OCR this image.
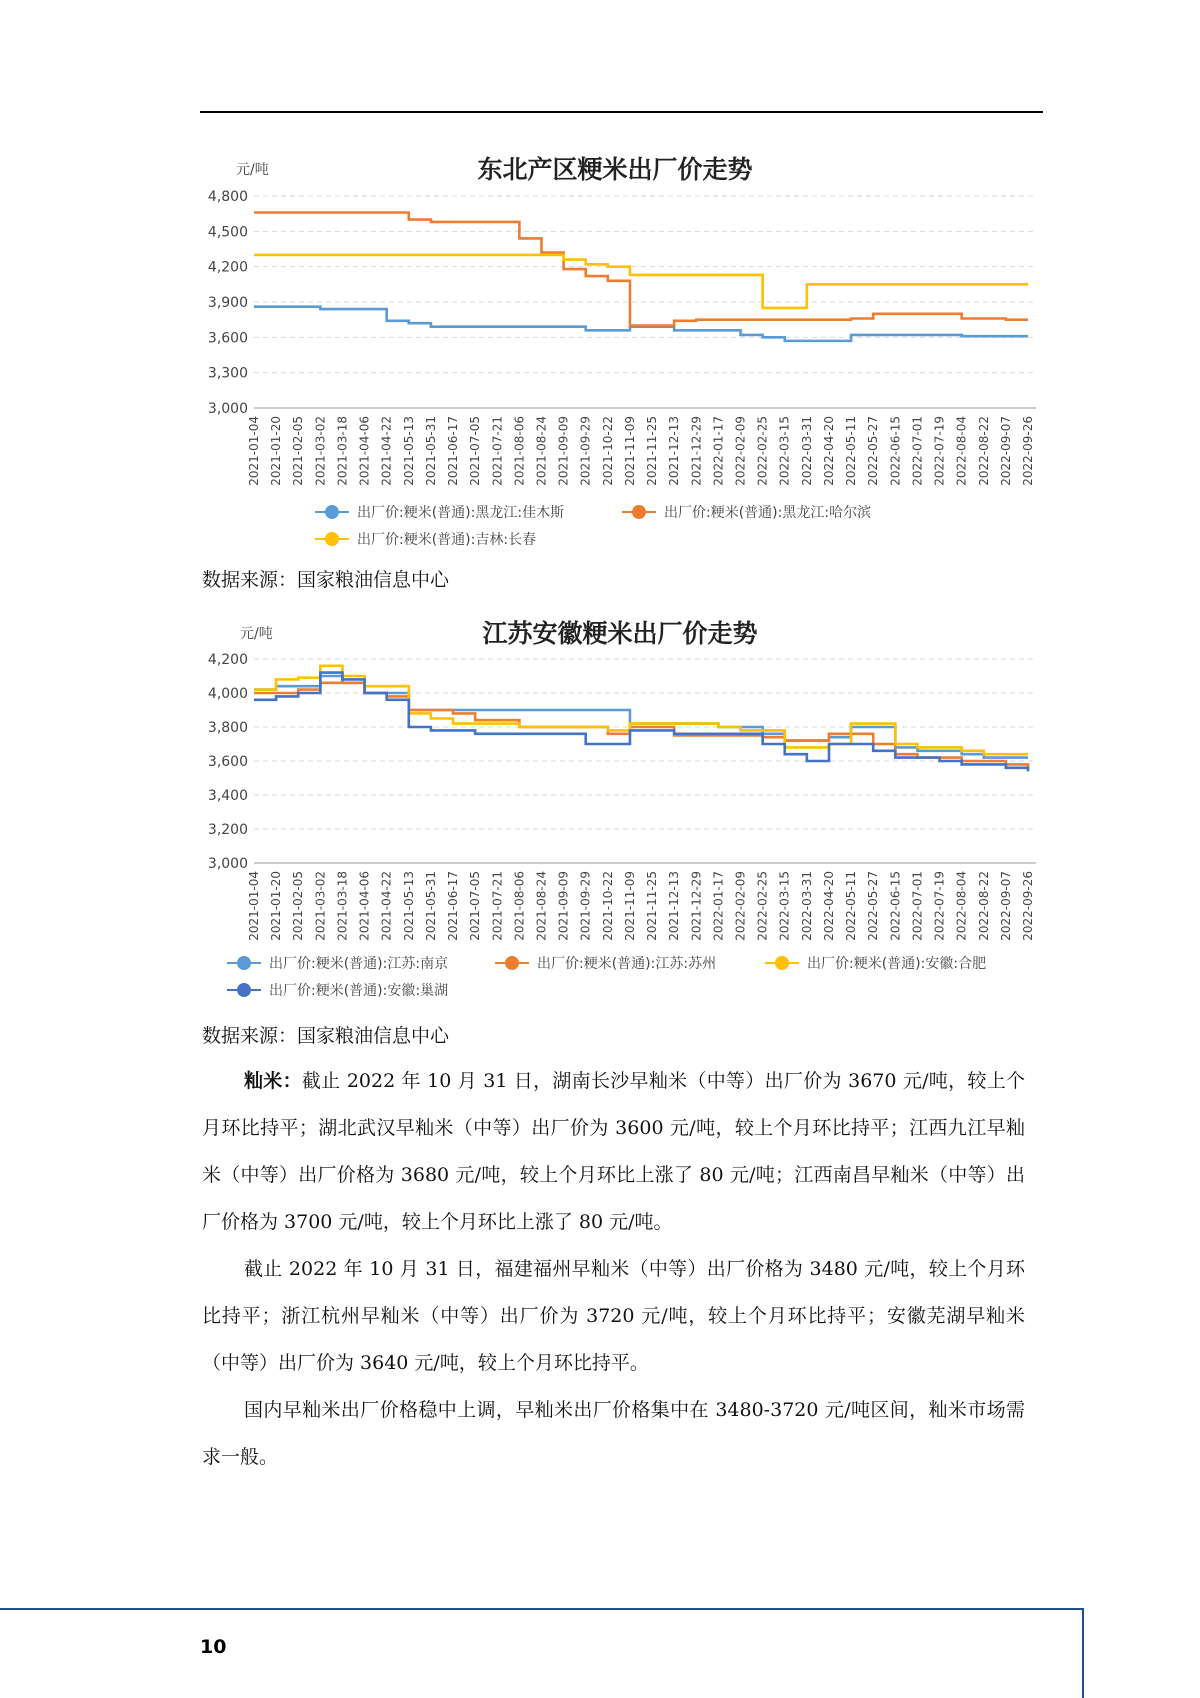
东北产区粳米出厂价走势
元/吨
3,000
3,300
3,600
3,900
4,200
4,500
4,800
2021-01-04 2021-01-20 2021-02-05 2021-03-02 2021-03-18 2021-04-06 2021-04-22 2021-05-13 2021-05-31 2021-06-17 2021-07-05 2021-07-21 2021-08-06 2021-08-24 2021-09-09 2021-09-29 2021-10-22 2021-11-09 2021-11-25 2021-12-13 2021-12-29 2022-01-17 2022-02-09 2022-02-25 2022-03-15 2022-03-31 2022-04-20 2022-05-11 2022-05-27 2022-06-15 2022-07-01 2022-07-19 2022-08-04 2022-08-22 2022-09-07 2022-09-26
出厂价:粳米(普通):黑龙江:佳木斯	出厂价:粳米(普通):黑龙江:哈尔滨
出厂价:粳米(普通):吉林:长春
数据来源：国家粮油信息中心
江苏安徽粳米出厂价走势
元/吨
3,000
3,200
3,400
3,600
3,800
4,000
4,200
2021-01-04 2021-01-20 2021-02-05 2021-03-02 2021-03-18 2021-04-06 2021-04-22 2021-05-13 2021-05-31 2021-06-17 2021-07-05 2021-07-21 2021-08-06 2021-08-24 2021-09-09 2021-09-29 2021-10-22 2021-11-09 2021-11-25 2021-12-13 2021-12-29 2022-01-17 2022-02-09 2022-02-25 2022-03-15 2022-03-31 2022-04-20 2022-05-11 2022-05-27 2022-06-15 2022-07-01 2022-07-19 2022-08-04 2022-08-22 2022-09-07 2022-09-26
出厂价:粳米(普通):江苏:南京	出厂价:粳米(普通):江苏:苏州	出厂价:粳米(普通):安徽:合肥
出厂价:粳米(普通):安徽:巢湖
数据来源：国家粮油信息中心

籼米：截止 2022 年 10 月 31 日，湖南长沙早籼米（中等）出厂价为 3670 元/吨，较上个月环比持平；湖北武汉早籼米（中等）出厂价为 3600 元/吨，较上个月环比持平；江西九江早籼米（中等）出厂价格为 3680 元/吨，较上个月环比上涨了 80 元/吨；江西南昌早籼米（中等）出厂价格为 3700 元/吨，较上个月环比上涨了 80 元/吨。

截止 2022 年 10 月 31 日，福建福州早籼米（中等）出厂价格为 3480 元/吨，较上个月环比持平；浙江杭州早籼米（中等）出厂价为 3720 元/吨，较上个月环比持平；安徽芜湖早籼米（中等）出厂价为 3640 元/吨，较上个月环比持平。

国内早籼米出厂价格稳中上调，早籼米出厂价格集中在 3480-3720 元/吨区间，籼米市场需求一般。

10
